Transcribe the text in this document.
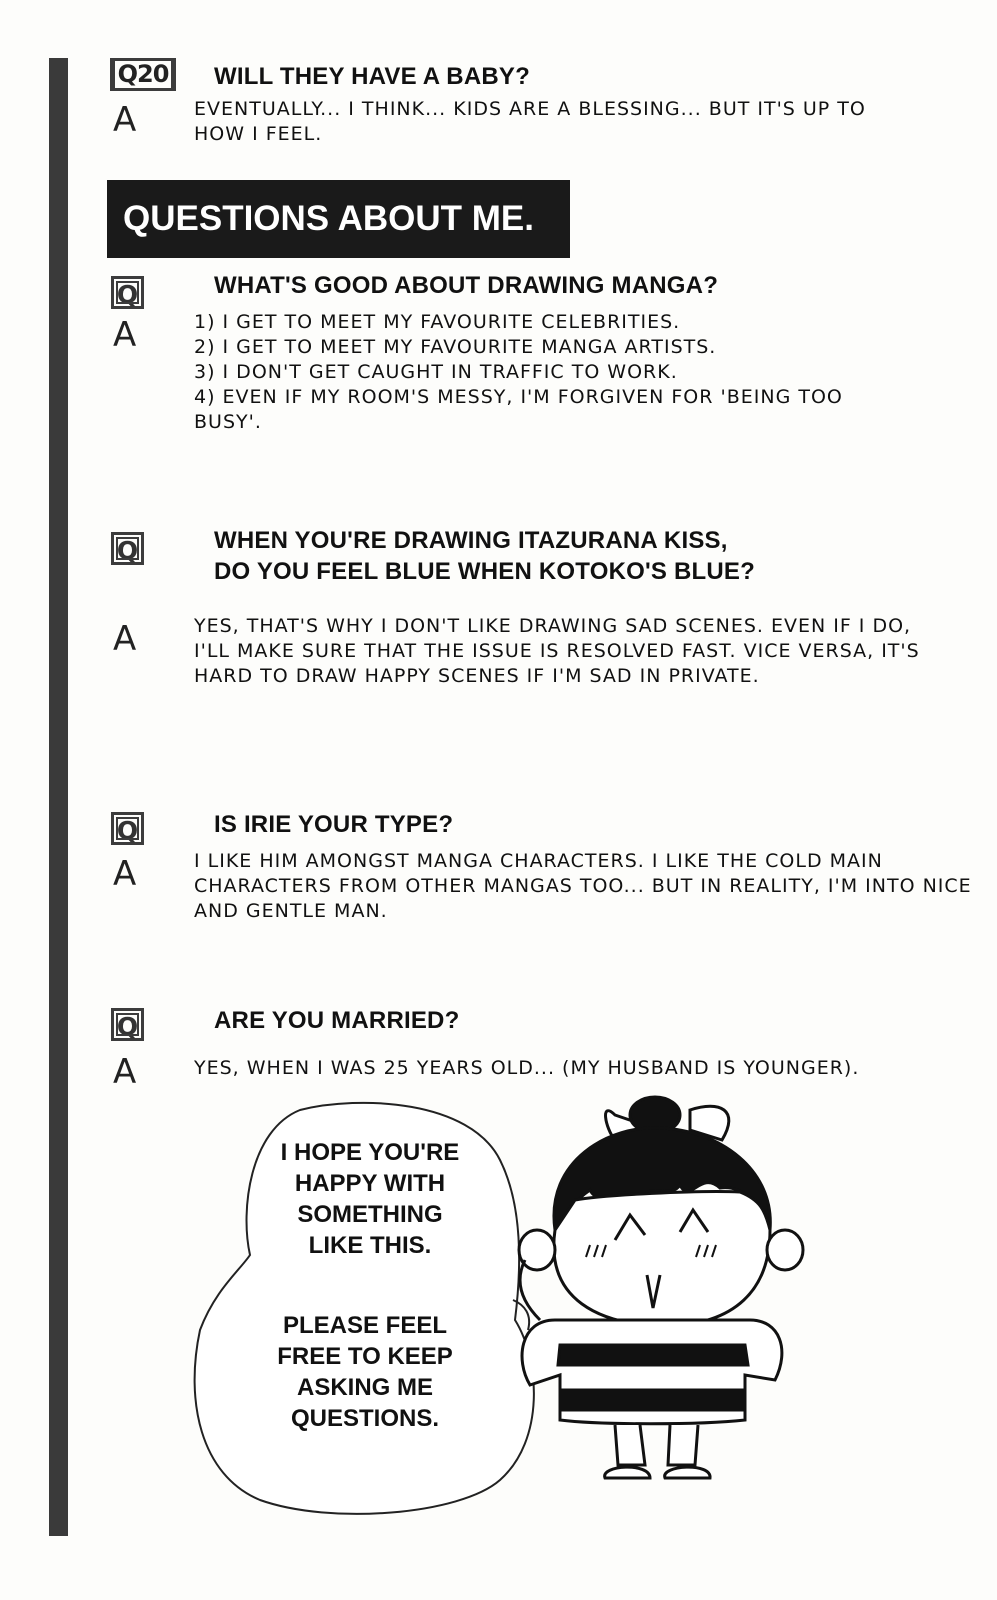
Q20 WILL THEY HAVE A BABY?
A	EVENTUALLY... I THINK... KIDS ARE A BLESSING... BUT IT'S UP TO HOW I FEEL.
QUESTIONS ABOUT ME.
Q	WHAT'S GOOD ABOUT DRAWING MANGA?
A	1) I GET TO MEET MY FAVOURITE CELEBRITIES.
2) I GET TO MEET MY FAVOURITE MANGA ARTISTS.
3) I DON'T GET CAUGHT IN TRAFFIC TO WORK.
4) EVEN IF MY ROOM'S MESSY, I'M FORGIVEN FOR 'BEING TOO BUSY'.
Q	WHEN YOU'RE DRAWING ITAZURANA KISS,
DO YOU FEEL BLUE WHEN KOTOKO'S BLUE?
A	YES, THAT'S WHY I DON'T LIKE DRAWING SAD SCENES. EVEN IF I DO, I'LL MAKE SURE THAT THE ISSUE IS RESOLVED FAST. VICE VERSA, IT'S HARD TO DRAW HAPPY SCENES IF I'M SAD IN PRIVATE.
Q	IS IRIE YOUR TYPE?
A	I LIKE HIM AMONGST MANGA CHARACTERS. I LIKE THE COLD MAIN CHARACTERS FROM OTHER MANGAS TOO... BUT IN REALITY, I'M INTO NICE AND GENTLE MAN.
Q	ARE YOU MARRIED?
A	YES, WHEN I WAS 25 YEARS OLD... (MY HUSBAND IS YOUNGER).
I HOPE YOU'RE
HAPPY WITH
SOMETHING
LIKE THIS.
PLEASE FEEL
FREE TO KEEP
ASKING ME
QUESTIONS.
